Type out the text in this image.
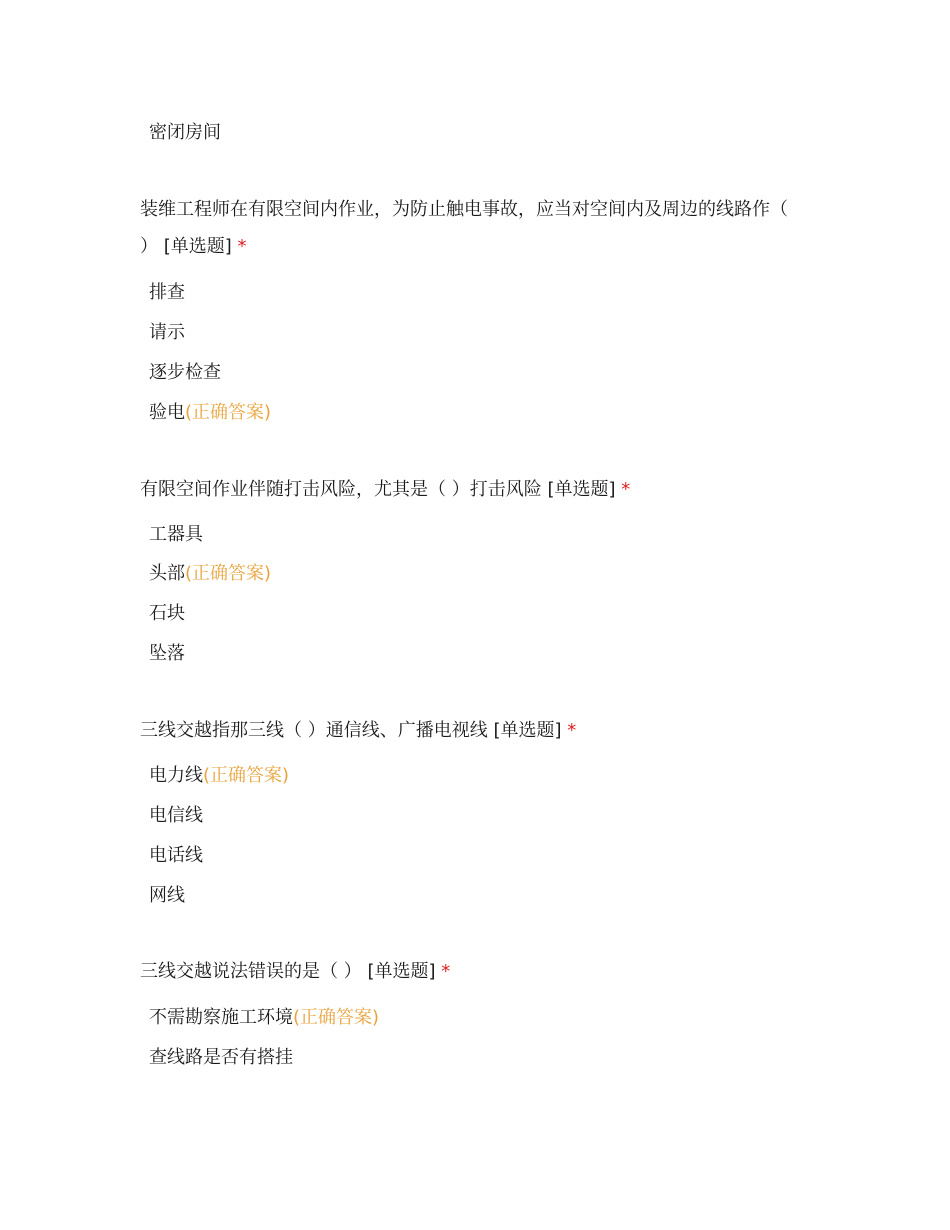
密闭房间
装维工程师在有限空间内作业，为防止触电事故，应当对空间内及周边的线路作（
） [单选题] *
排查
请示
逐步检查
验电(正确答案)
有限空间作业伴随打击风险，尤其是（ ）打击风险 [单选题] *
工器具
头部(正确答案)
石块
坠落
三线交越指那三线（ ）通信线、广播电视线 [单选题] *
电力线(正确答案)
电信线
电话线
网线
三线交越说法错误的是（ ） [单选题] *
不需勘察施工环境(正确答案)
查线路是否有搭挂
